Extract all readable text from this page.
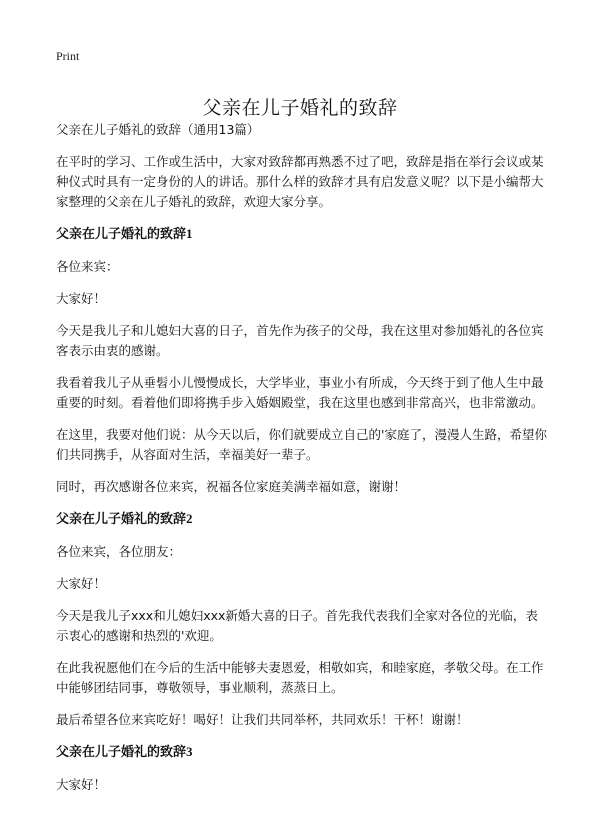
Print
父亲在儿子婚礼的致辞

父亲在儿子婚礼的致辞（通用13篇）

在平时的学习、工作或生活中，大家对致辞都再熟悉不过了吧，致辞是指在举行会议或某种仪式时具有一定身份的人的讲话。那什么样的致辞才具有启发意义呢？以下是小编帮大家整理的父亲在儿子婚礼的致辞，欢迎大家分享。

父亲在儿子婚礼的致辞1

各位来宾：

大家好！

今天是我儿子和儿媳妇大喜的日子，首先作为孩子的父母，我在这里对参加婚礼的各位宾客表示由衷的感谢。

我看着我儿子从垂髫小儿慢慢成长，大学毕业，事业小有所成，今天终于到了他人生中最重要的时刻。看着他们即将携手步入婚姻殿堂，我在这里也感到非常高兴，也非常激动。

在这里，我要对他们说：从今天以后，你们就要成立自己的'家庭了，漫漫人生路，希望你们共同携手，从容面对生活，幸福美好一辈子。

同时，再次感谢各位来宾，祝福各位家庭美满幸福如意，谢谢！

父亲在儿子婚礼的致辞2

各位来宾，各位朋友：

大家好！

今天是我儿子xxx和儿媳妇xxx新婚大喜的日子。首先我代表我们全家对各位的光临，表示衷心的感谢和热烈的'欢迎。

在此我祝愿他们在今后的生活中能够夫妻恩爱，相敬如宾，和睦家庭，孝敬父母。在工作中能够团结同事，尊敬领导，事业顺利，蒸蒸日上。

最后希望各位来宾吃好！喝好！让我们共同举杯，共同欢乐！干杯！谢谢！

父亲在儿子婚礼的致辞3

大家好！
